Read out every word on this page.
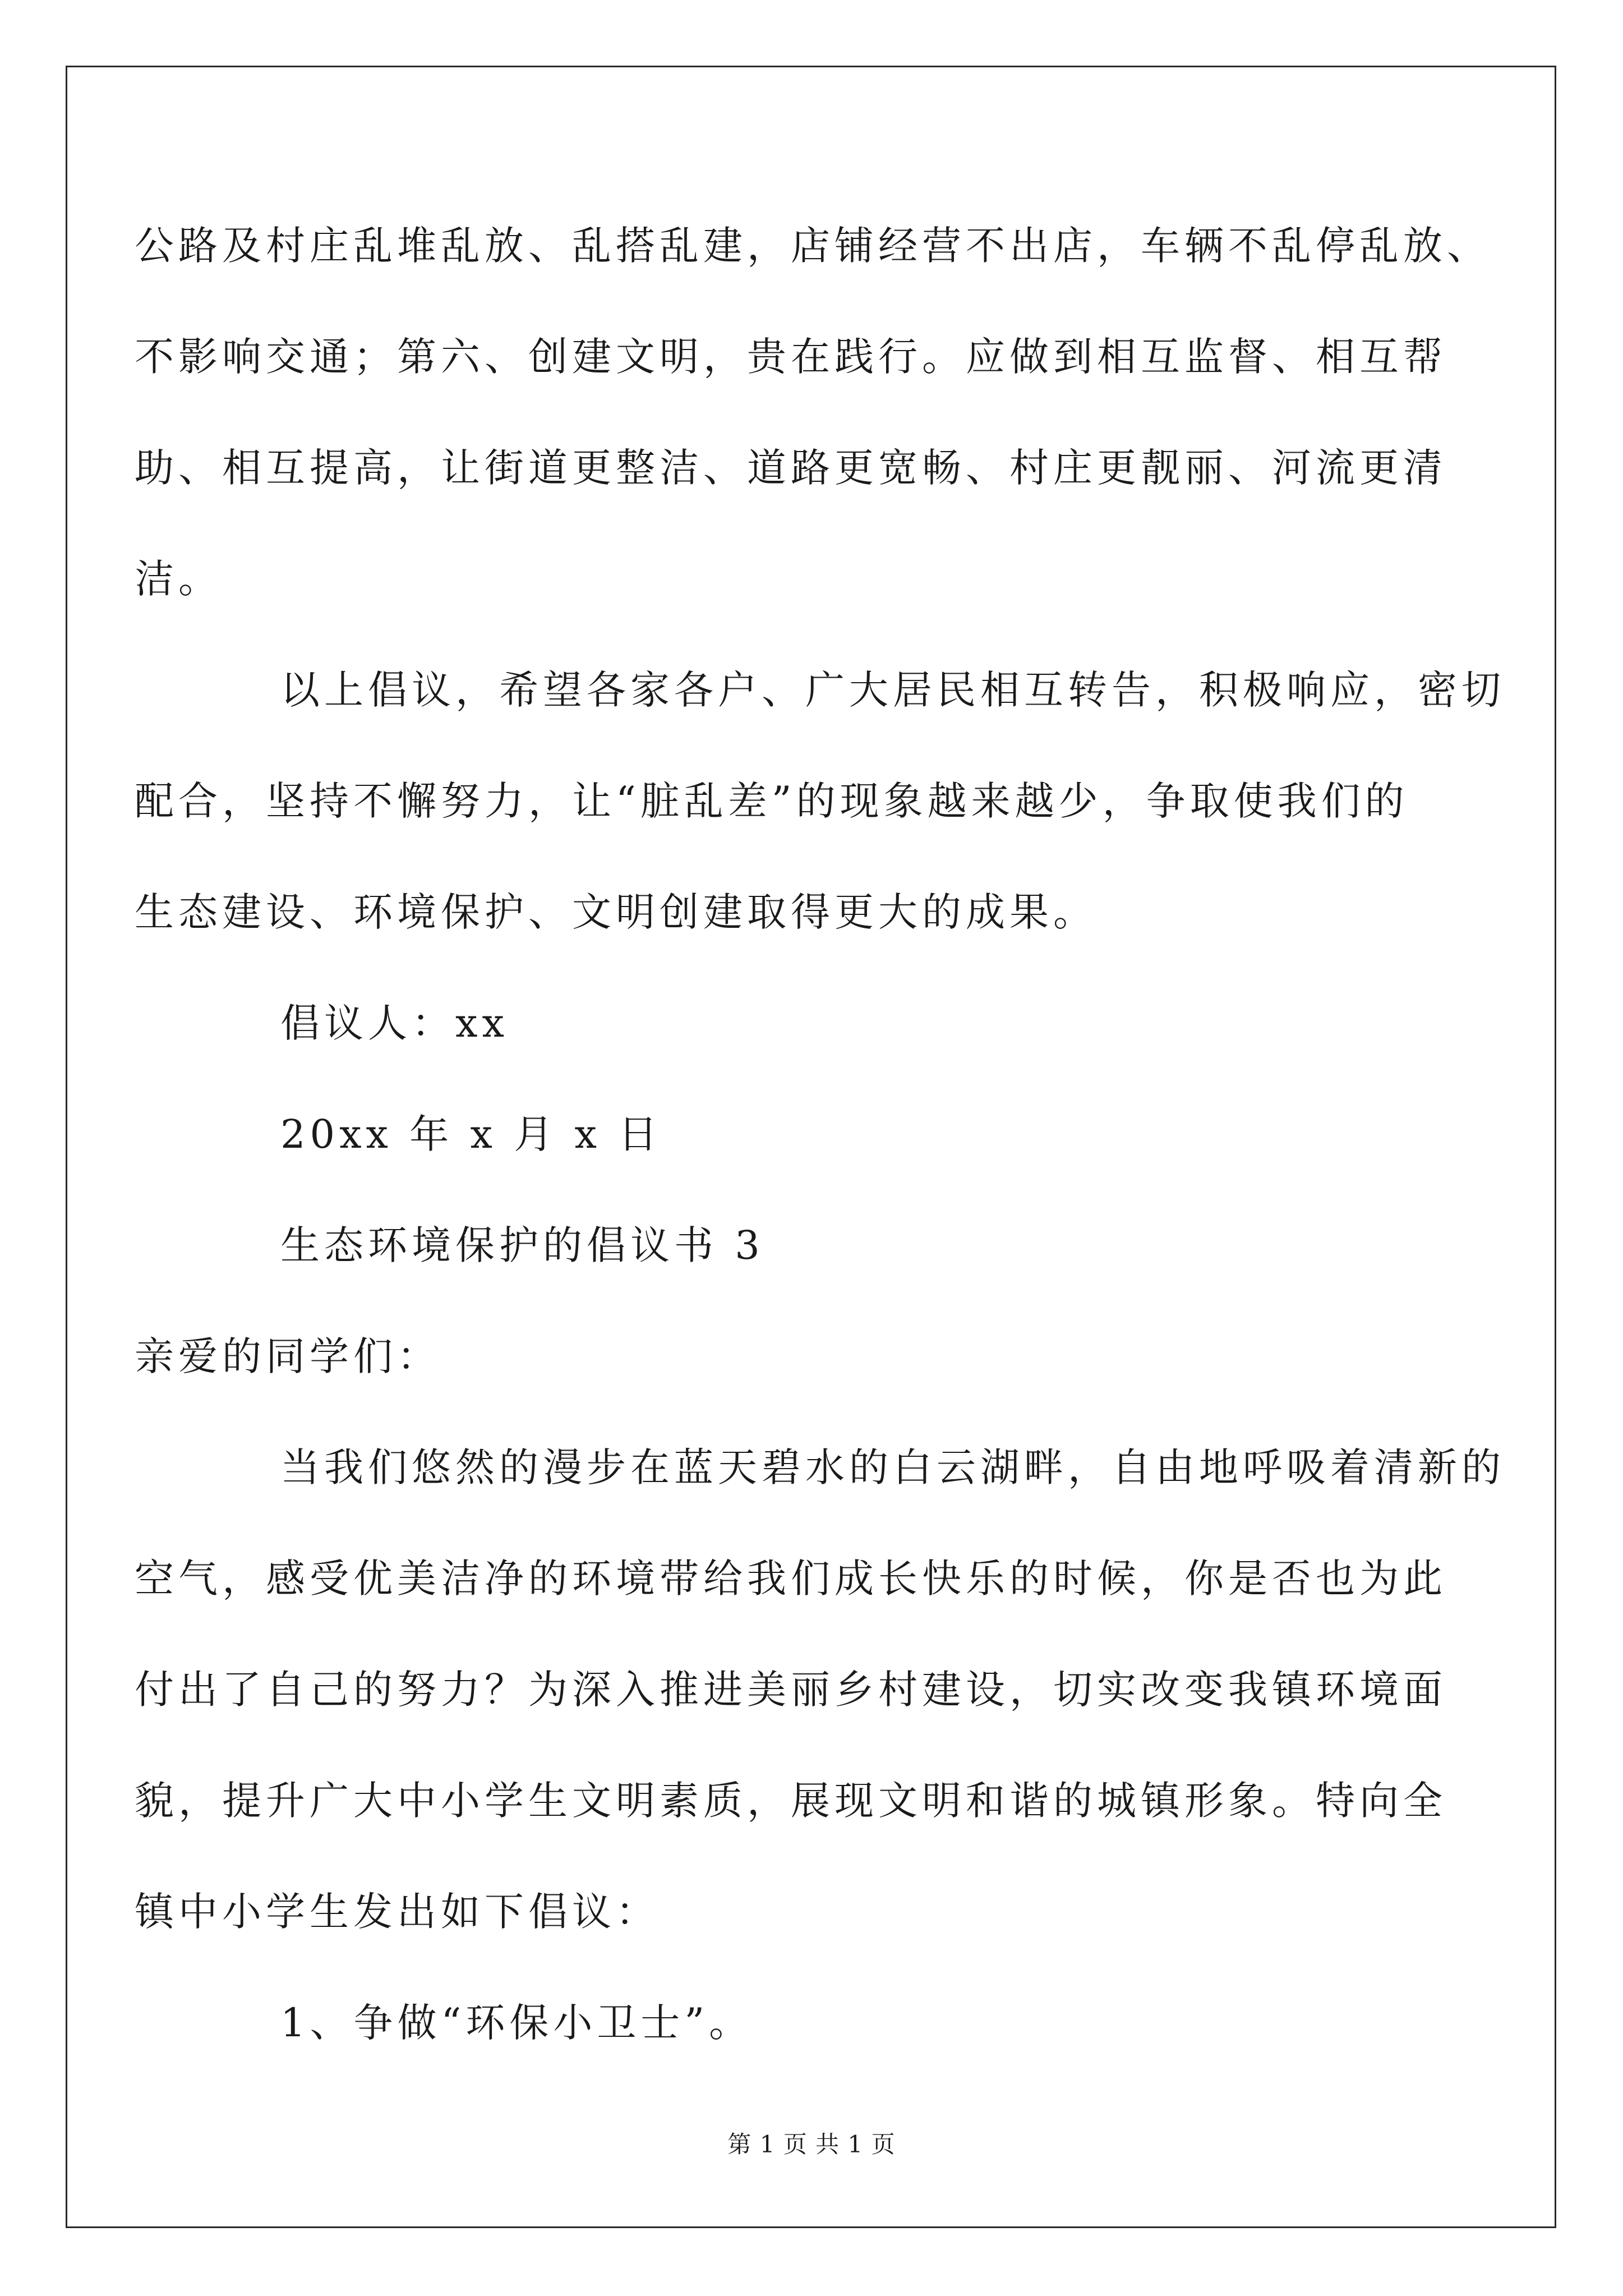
公路及村庄乱堆乱放、乱搭乱建，店铺经营不出店，车辆不乱停乱放、
不影响交通；第六、创建文明，贵在践行。应做到相互监督、相互帮
助、相互提高，让街道更整洁、道路更宽畅、村庄更靓丽、河流更清
洁。
以上倡议，希望各家各户、广大居民相互转告，积极响应，密切
配合，坚持不懈努力，让“脏乱差”的现象越来越少，争取使我们的
生态建设、环境保护、文明创建取得更大的成果。
倡议人：xx
20xx 年 x 月 x 日
生态环境保护的倡议书 3
亲爱的同学们：
当我们悠然的漫步在蓝天碧水的白云湖畔，自由地呼吸着清新的
空气，感受优美洁净的环境带给我们成长快乐的时候，你是否也为此
付出了自己的努力？为深入推进美丽乡村建设，切实改变我镇环境面
貌，提升广大中小学生文明素质，展现文明和谐的城镇形象。特向全
镇中小学生发出如下倡议：
1、争做“环保小卫士”。
第 1 页 共 1 页
